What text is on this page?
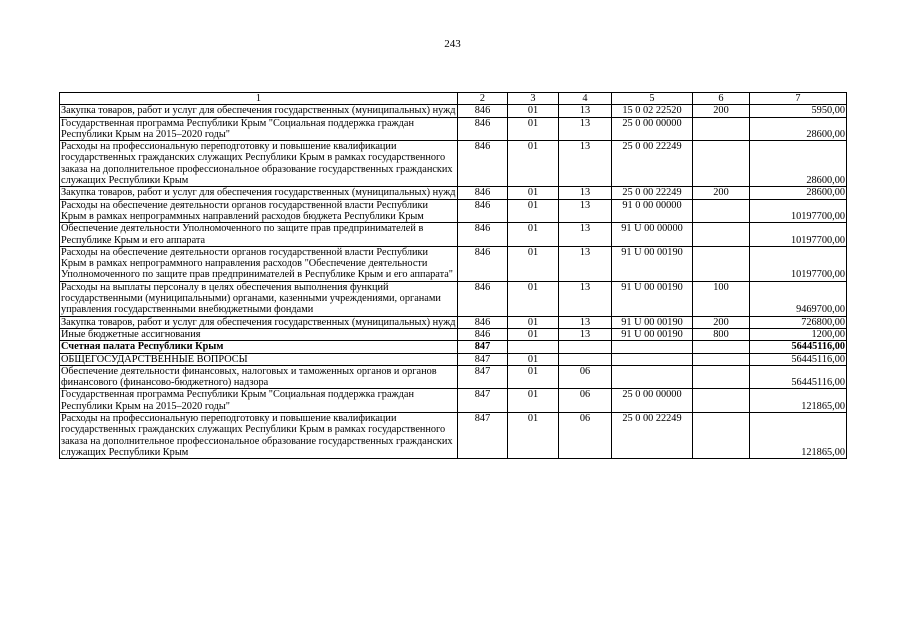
243
1	2	3	4	5	6	7
Закупка товаров, работ и услуг для обеспечения государственных (муниципальных) нужд	846	01	13	15 0 02 22520	200	5950,00
Государственная программа Республики Крым "Социальная поддержка граждан Республики Крым на 2015–2020 годы"	846	01	13	25 0 00 00000		28600,00
Расходы на профессиональную переподготовку и повышение квалификации государственных гражданских служащих Республики Крым в рамках государственного заказа на дополнительное профессиональное образование государственных гражданских служащих Республики Крым	846	01	13	25 0 00 22249		28600,00
Закупка товаров, работ и услуг для обеспечения государственных (муниципальных) нужд	846	01	13	25 0 00 22249	200	28600,00
Расходы на обеспечение деятельности органов государственной власти Республики Крым в рамках непрограммных направлений расходов бюджета Республики Крым	846	01	13	91 0 00 00000		10197700,00
Обеспечение деятельности Уполномоченного по защите прав предпринимателей в Республике Крым и его аппарата	846	01	13	91 U 00 00000		10197700,00
Расходы на обеспечение деятельности органов государственной власти Республики Крым в рамках непрограммного направления расходов "Обеспечение деятельности Уполномоченного по защите прав предпринимателей в Республике Крым и его аппарата"	846	01	13	91 U 00 00190		10197700,00
Расходы на выплаты персоналу в целях обеспечения выполнения функций государственными (муниципальными) органами, казенными учреждениями, органами управления государственными внебюджетными фондами	846	01	13	91 U 00 00190	100	9469700,00
Закупка товаров, работ и услуг для обеспечения государственных (муниципальных) нужд	846	01	13	91 U 00 00190	200	726800,00
Иные бюджетные ассигнования	846	01	13	91 U 00 00190	800	1200,00
Счетная палата Республики Крым	847					56445116,00
ОБЩЕГОСУДАРСТВЕННЫЕ ВОПРОСЫ	847	01				56445116,00
Обеспечение деятельности финансовых, налоговых и таможенных органов и органов финансового (финансово-бюджетного) надзора	847	01	06			56445116,00
Государственная программа Республики Крым "Социальная поддержка граждан Республики Крым на 2015–2020 годы"	847	01	06	25 0 00 00000		121865,00
Расходы на профессиональную переподготовку и повышение квалификации государственных гражданских служащих Республики Крым в рамках государственного заказа на дополнительное профессиональное образование государственных гражданских служащих Республики Крым	847	01	06	25 0 00 22249		121865,00
